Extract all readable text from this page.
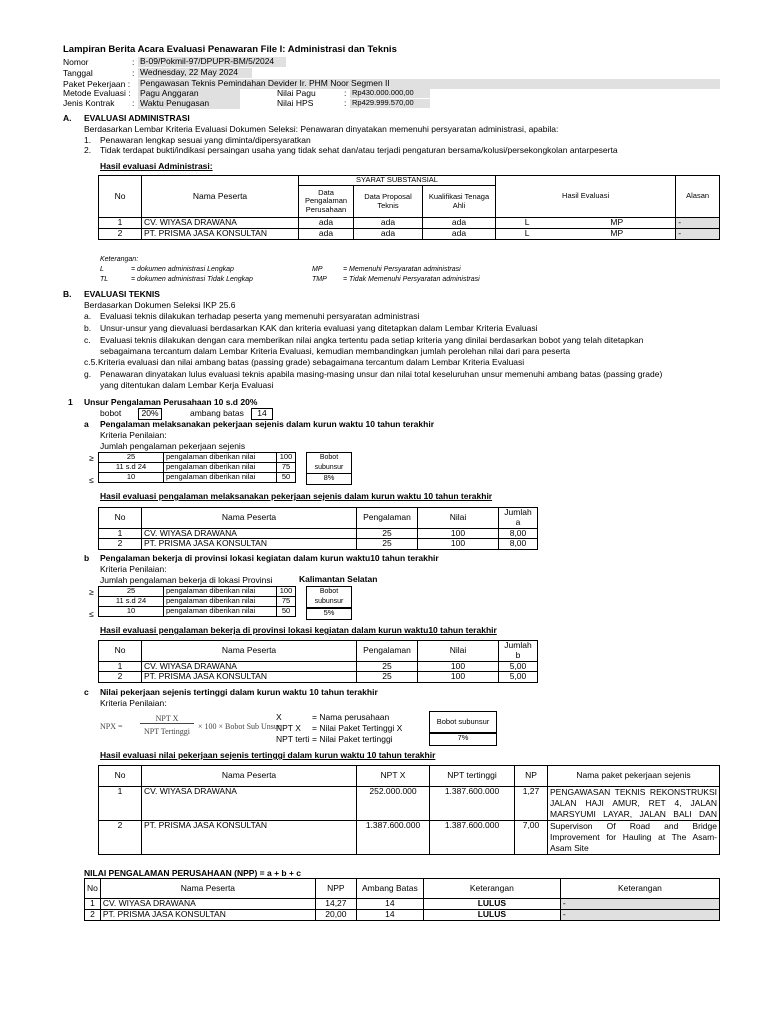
Lampiran Berita Acara Evaluasi Penawaran File I: Administrasi dan Teknis
Nomor	: B-09/Pokmil-97/DPUPR-BM/5/2024
Tanggal	: Wednesday, 22 May 2024
Paket Pekerjaan : Pengawasan Teknis Pemindahan Devider Ir. PHM Noor Segmen II
Metode Evaluasi : Pagu Anggaran	Nilai Pagu	: Rp430.000.000,00
Jenis Kontrak : Waktu Penugasan	Nilai HPS	: Rp429.999.570,00
A. EVALUASI ADMINISTRASI
Berdasarkan Lembar Kriteria Evaluasi Dokumen Seleksi: Penawaran dinyatakan memenuhi persyaratan administrasi, apabila:
1. Penawaran lengkap sesuai yang diminta/dipersyaratkan
2. Tidak terdapat bukti/indikasi persaingan usaha yang tidak sehat dan/atau terjadi pengaturan bersama/kolusi/persekongkolan antarpeserta
Hasil evaluasi Administrasi:
No	Nama Peserta	SYARAT SUBSTANSIAL			Hasil Evaluasi		Alasan
		Data Pengalaman Perusahaan	Data Proposal Teknis	Kualifikasi Tenaga Ahli			
1	CV. WIYASA DRAWANA	ada	ada	ada	L	MP	-
2	PT. PRISMA JASA KONSULTAN	ada	ada	ada	L	MP	-
Keterangan:
L	= dokumen administrasi Lengkap	MP	= Memenuhi Persyaratan administrasi
TL	= dokumen administrasi Tidak Lengkap	TMP = Tidak Memenuhi Persyaratan administrasi
B. EVALUASI TEKNIS
Berdasarkan Dokumen Seleksi IKP 25.6
a. Evaluasi teknis dilakukan terhadap peserta yang memenuhi persyaratan administrasi
b. Unsur-unsur yang dievaluasi berdasarkan KAK dan kriteria evaluasi yang ditetapkan dalam Lembar Kriteria Evaluasi
c. Evaluasi teknis dilakukan dengan cara memberikan nilai angka tertentu pada setiap kriteria yang dinilai berdasarkan bobot yang telah ditetapkan
sebagaimana tercantum dalam Lembar Kriteria Evaluasi, kemudian membandingkan jumlah perolehan nilai dari para peserta
c.5. Kriteria evaluasi dan nilai ambang batas (passing grade) sebagaimana tercantum dalam Lembar Kriteria Evaluasi
g. Penawaran dinyatakan lulus evaluasi teknis apabila masing-masing unsur dan nilai total keseluruhan unsur memenuhi ambang batas (passing grade)
yang ditentukan dalam Lembar Kerja Evaluasi
1 Unsur Pengalaman Perusahaan 10 s.d 20%
bobot	20%	ambang batas	14
a Pengalaman melaksanakan pekerjaan sejenis dalam kurun waktu 10 tahun terakhir
Kriteria Penilaian:
Jumlah pengalaman pekerjaan sejenis
≥
≤
25	pengalaman diberikan nilai	100
11 s.d 24	pengalaman diberikan nilai	75
10	pengalaman diberikan nilai	50
Bobot subunsur
8%
Hasil evaluasi pengalaman melaksanakan pekerjaan sejenis dalam kurun waktu 10 tahun terakhir
No	Nama Peserta	Pengalaman	Nilai	Jumlah a
1	CV. WIYASA DRAWANA	25	100	8,00
2	PT. PRISMA JASA KONSULTAN	25	100	8,00
b Pengalaman bekerja di provinsi lokasi kegiatan dalam kurun waktu10 tahun terakhir
Kriteria Penilaian:
Jumlah pengalaman bekerja di lokasi Provinsi	Kalimantan Selatan
≥
≤
25	pengalaman diberikan nilai	100
11 s.d 24	pengalaman diberikan nilai	75
10	pengalaman diberikan nilai	50
Bobot subunsur
5%
Hasil evaluasi pengalaman bekerja di provinsi lokasi kegiatan dalam kurun waktu10 tahun terakhir
No	Nama Peserta	Pengalaman	Nilai	Jumlah b
1	CV. WIYASA DRAWANA	25	100	5,00
2	PT. PRISMA JASA KONSULTAN	25	100	5,00
c Nilai pekerjaan sejenis tertinggi dalam kurun waktu 10 tahun terakhir
Kriteria Penilaian:
NPX =
NPT X
NPT Tertinggi
× 100 × Bobot Sub Unsur
X	= Nama perusahaan
NPT X = Nilai Paket Tertinggi X
NPT terti = Nilai Paket tertinggi
Bobot subunsur
7%
Hasil evaluasi nilai pekerjaan sejenis tertinggi dalam kurun waktu 10 tahun terakhir
No	Nama Peserta	NPT X	NPT tertinggi	NP	Nama paket pekerjaan sejenis
1	CV. WIYASA DRAWANA	252.000.000	1.387.600.000	1,27	PENGAWASAN TEKNIS REKONSTRUKSI JALAN HAJI AMUR, RET 4, JALAN MARSYUMI LAYAR, JALAN BALI DAN

2	PT. PRISMA JASA KONSULTAN	1.387.600.000	1.387.600.000	7,00	Supervison Of Road and Bridge Improvement for Hauling at The Asam-Asam Site
NILAI PENGALAMAN PERUSAHAAN (NPP) = a + b + c
No	Nama Peserta	NPP	Ambang Batas	Keterangan	Keterangan
1	CV. WIYASA DRAWANA	14,27	14	LULUS	-
2	PT. PRISMA JASA KONSULTAN	20,00	14	LULUS	-
